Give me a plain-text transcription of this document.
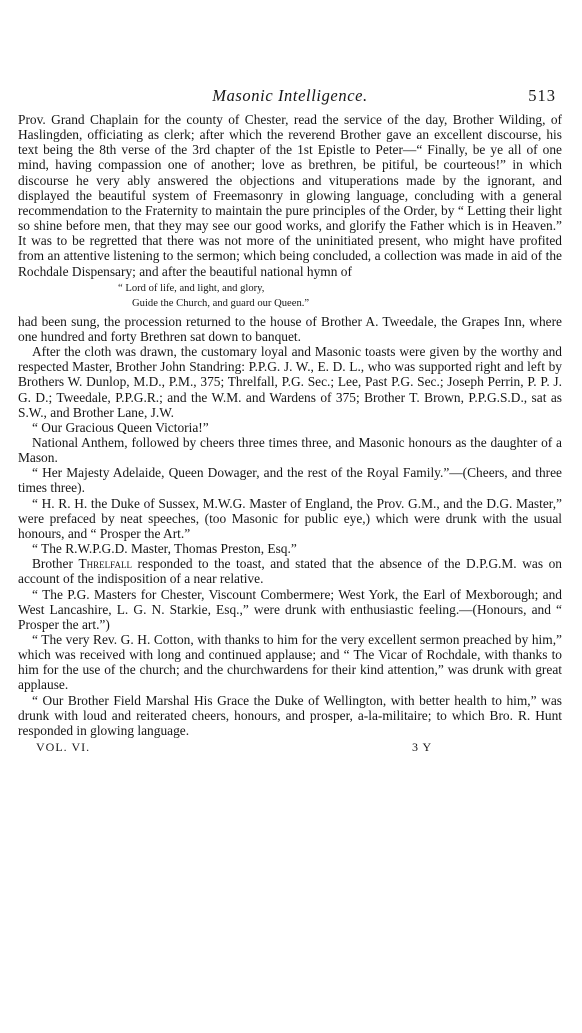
Masonic Intelligence.	513

Prov. Grand Chaplain for the county of Chester, read the service of the day, Brother Wilding, of Haslingden, officiating as clerk; after which the reverend Brother gave an excellent discourse, his text being the 8th verse of the 3rd chapter of the 1st Epistle to Peter—“ Finally, be ye all of one mind, having compassion one of another; love as brethren, be pitiful, be courteous!” in which discourse he very ably answered the objections and vituperations made by the ignorant, and displayed the beautiful system of Freemasonry in glowing language, concluding with a general recommendation to the Fraternity to maintain the pure principles of the Order, by “ Letting their light so shine before men, that they may see our good works, and glorify the Father which is in Heaven.” It was to be regretted that there was not more of the uninitiated present, who might have profited from an attentive listening to the sermon; which being concluded, a collection was made in aid of the Rochdale Dispensary; and after the beautiful national hymn of

“ Lord of life, and light, and glory,
Guide the Church, and guard our Queen.”

had been sung, the procession returned to the house of Brother A. Tweedale, the Grapes Inn, where one hundred and forty Brethren sat down to banquet.

After the cloth was drawn, the customary loyal and Masonic toasts were given by the worthy and respected Master, Brother John Standring: P.P.G. J. W., E. D. L., who was supported right and left by Brothers W. Dunlop, M.D., P.M., 375; Threlfall, P.G. Sec.; Lee, Past P.G. Sec.; Joseph Perrin, P. P. J. G. D.; Tweedale, P.P.G.R.; and the W.M. and Wardens of 375; Brother T. Brown, P.P.G.S.D., sat as S.W., and Brother Lane, J.W.

“ Our Gracious Queen Victoria!”

National Anthem, followed by cheers three times three, and Masonic honours as the daughter of a Mason.

“ Her Majesty Adelaide, Queen Dowager, and the rest of the Royal Family.”—(Cheers, and three times three).

“ H. R. H. the Duke of Sussex, M.W.G. Master of England, the Prov. G.M., and the D.G. Master,” were prefaced by neat speeches, (too Masonic for public eye,) which were drunk with the usual honours, and “ Prosper the Art.”

“ The R.W.P.G.D. Master, Thomas Preston, Esq.”

Brother Threlfall responded to the toast, and stated that the absence of the D.P.G.M. was on account of the indisposition of a near relative.

“ The P.G. Masters for Chester, Viscount Combermere; West York, the Earl of Mexborough; and West Lancashire, L. G. N. Starkie, Esq.,” were drunk with enthusiastic feeling.—(Honours, and “ Prosper the art.”)

“ The very Rev. G. H. Cotton, with thanks to him for the very excellent sermon preached by him,” which was received with long and continued applause; and “ The Vicar of Rochdale, with thanks to him for the use of the church; and the churchwardens for their kind attention,” was drunk with great applause.

“ Our Brother Field Marshal His Grace the Duke of Wellington, with better health to him,” was drunk with loud and reiterated cheers, honours, and prosper, a-la-militaire; to which Bro. R. Hunt responded in glowing language.

VOL. VI.	3 Y
